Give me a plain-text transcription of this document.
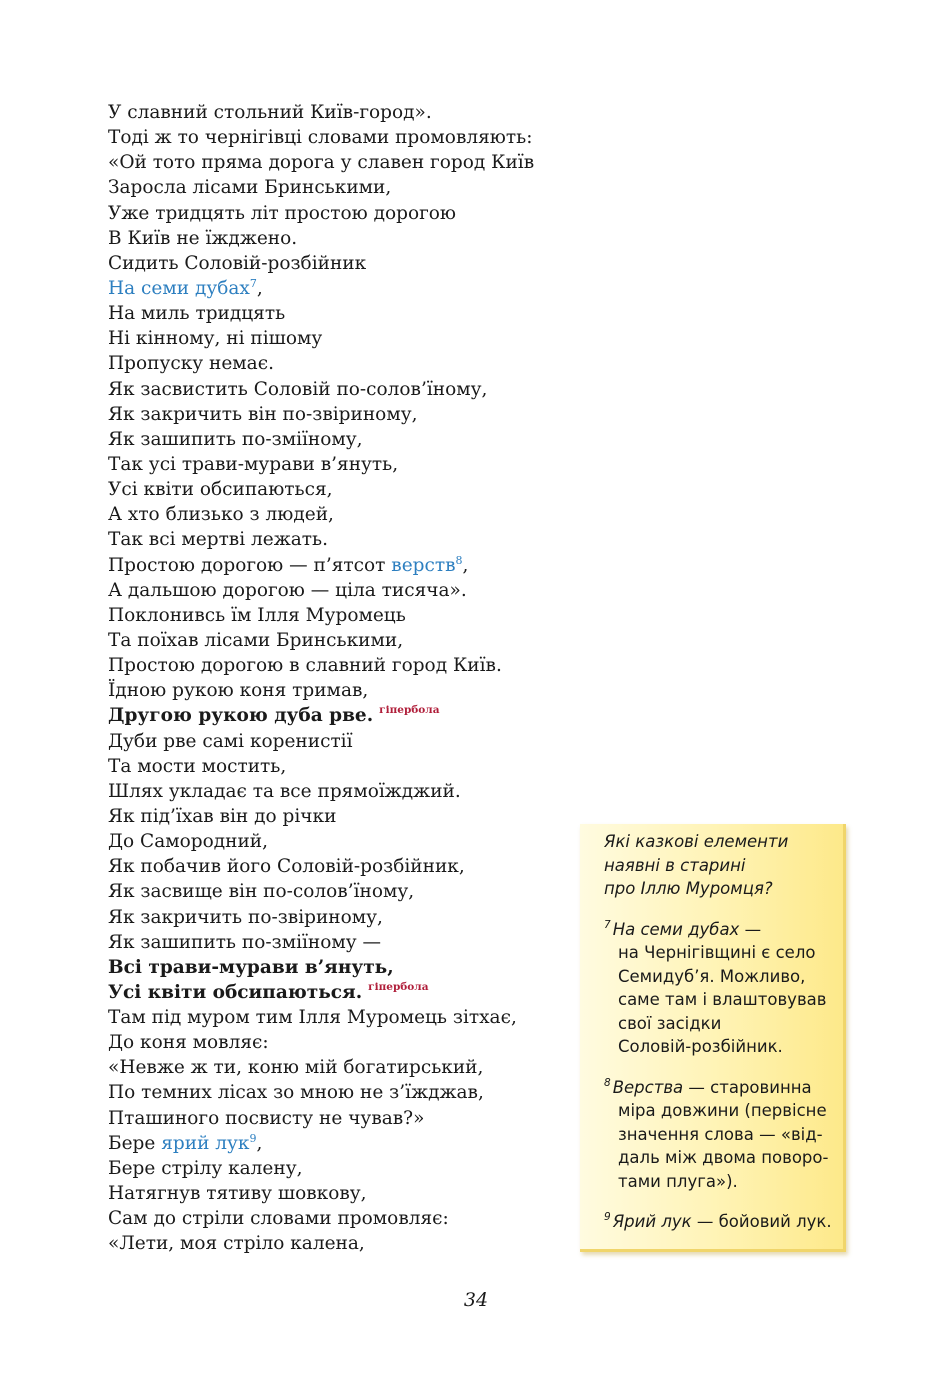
У славний стольний Київ-город».
Тоді ж то чернігівці словами промовляють:
«Ой тото пряма дорога у славен город Київ
Заросла лісами Бринськими,
Уже тридцять літ простою дорогою
В Київ не їжджено.
Сидить Соловій-розбійник
На семи дубах$^7$,
На миль тридцять
Ні кінному, ні пішому
Пропуску немає.
Як засвистить Соловій по-солов’їному,
Як закричить він по-звіриному,
Як зашипить по-зміїному,
Так усі трави-мурави в’януть,
Усі квіти обсипаються,
А хто близько з людей,
Так всі мертві лежать.
Простою дорогою — п’ятсот верств$^8$,
А дальшою дорогою — ціла тисяча».
Поклонивсь їм Ілля Муромець
Та поїхав лісами Бринськими,
Простою дорогою в славний город Київ.
Їдною рукою коня тримав,
Другою рукою дуба рве. $^{гіпербола}$
Дуби рве самі коренистії
Та мости мостить,
Шлях укладає та все прямоїжджий.
Як під’їхав він до річки
До Самородний,
Як побачив його Соловій-розбійник,
Як засвище він по-солов’їному,
Як закричить по-звіриному,
Як зашипить по-зміїному —
Всі трави-мурави в’януть,
Усі квіти обсипаються. $^{гіпербола}$
Там під муром тим Ілля Муромець зітхає,
До коня мовляє:
«Невже ж ти, коню мій богатирський,
По темних лісах зо мною не з’їжджав,
Пташиного посвисту не чував?»
Бере ярий лук$^9$,
Бере стрілу калену,
Натягнув тятиву шовкову,
Сам до стріли словами промовляє:
«Лети, моя стріло калена,
Які казкові елементи
наявні в старині
про Іллю Муромця?
$^7$ На семи дубах —
на Чернігівщині є село
Семидуб’я. Можливо,
саме там і влаштовував
свої засідки
Соловій-розбійник.
$^8$ Верства — старовинна
міра довжини (первісне
значення слова — «від-
даль між двома поворо-
тами плуга»).
$^9$ Ярий лук — бойовий лук.
34
